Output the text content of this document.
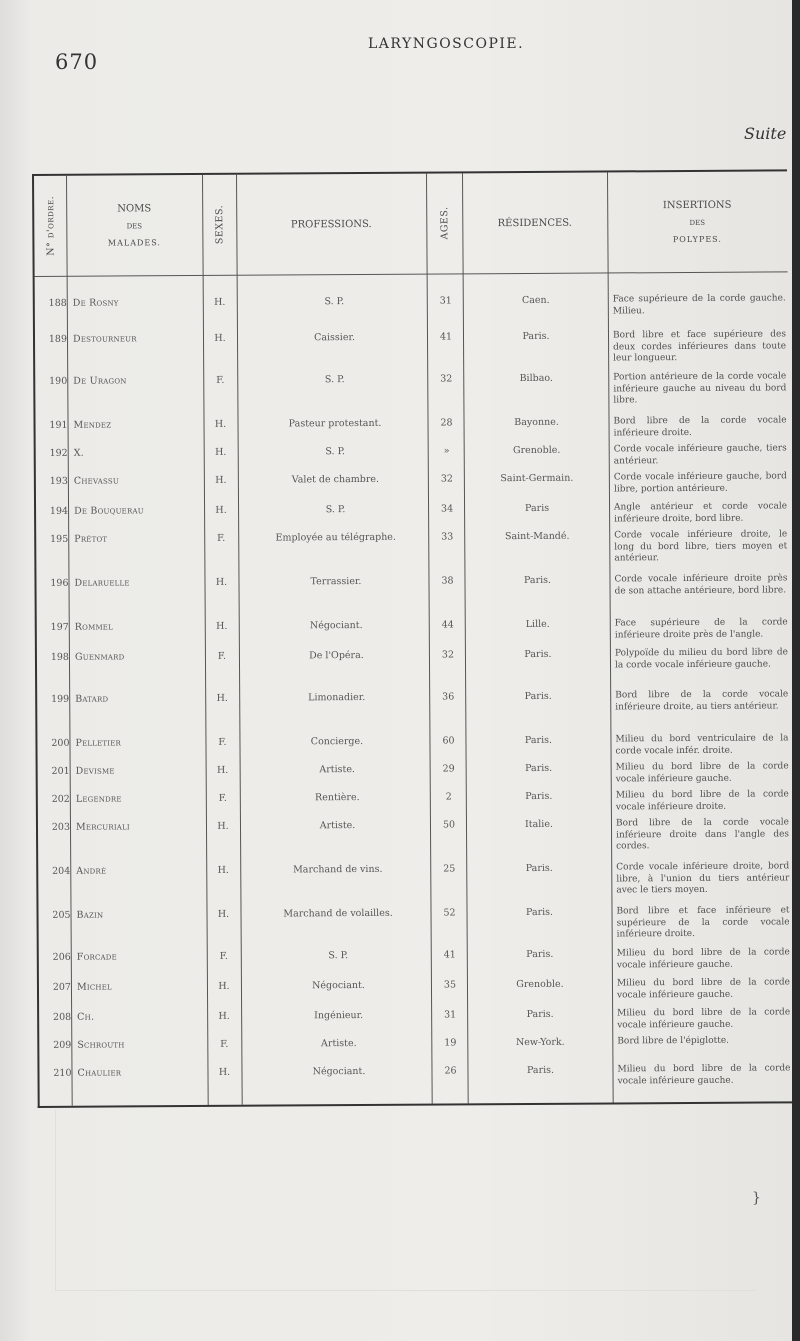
670
LARYNGOSCOPIE.
Suite
N° d'ordre.	NOMS
des
MALADES.	SEXES.	PROFESSIONS.	AGES.	RÉSIDENCES.
INSERTIONS
des
POLYPES.
188 De Rosny	H.	S. P.	31	Caen.	Face supérieure de la corde gauche. Milieu.
189 Destourneur	H.	Caissier.	41	Paris.	Bord libre et face supérieure des deux cordes inférieures dans toute leur longueur.
190 De Uragon	F.	S. P.	32	Bilbao.	Portion antérieure de la corde vocale inférieure gauche au niveau du bord libre.
191 Mendez	H.	Pasteur protestant.	28	Bayonne.	Bord libre de la corde vocale inférieure droite.
192 X.	H.	S. P.	»	Grenoble.	Corde vocale inférieure gauche, tiers antérieur.
193 Chevassu	H.	Valet de chambre.	32	Saint-Germain.	Corde vocale inférieure gauche, bord libre, portion antérieure.
194 De Bouquerau	H.	S. P.	34	Paris	Angle antérieur et corde vocale inférieure droite, bord libre.
195 Prétot	F.	Employée au télégraphe.	33	Saint-Mandé.	Corde vocale inférieure droite, le long du bord libre, tiers moyen et antérieur.
196 Delaruelle	H.	Terrassier.	38	Paris.	Corde vocale inférieure droite près de son attache antérieure, bord libre.
197 Rommel	H.	Négociant.	44	Lille.	Face supérieure de la corde inférieure droite près de l'angle.
198 Guenmard	F.	De l'Opéra.	32	Paris.	Polypoïde du milieu du bord libre de la corde vocale inférieure gauche.
199 Batard	H.	Limonadier.	36	Paris.	Bord libre de la corde vocale inférieure droite, au tiers antérieur.
200 Pelletier	F.	Concierge.	60	Paris.	Milieu du bord ventriculaire de la corde vocale infér. droite.
201 Devisme	H.	Artiste.	29	Paris.	Milieu du bord libre de la corde vocale inférieure gauche.
202 Legendre	F.	Rentière.	2	Paris.	Milieu du bord libre de la corde vocale inférieure droite.
203 Mercuriali	H.	Artiste.	50	Italie.	Bord libre de la corde vocale inférieure droite dans l'angle des cordes.
204 André	H.	Marchand de vins.	25	Paris.	Corde vocale inférieure droite, bord libre, à l'union du tiers antérieur avec le tiers moyen.
205 Bazin	H.	Marchand de volailles.	52	Paris.	Bord libre et face inférieure et supérieure de la corde vocale inférieure droite.
206 Forcade	F.	S. P.	41	Paris.	Milieu du bord libre de la corde vocale inférieure gauche.
207 Michel	H.	Négociant.	35	Grenoble.	Milieu du bord libre de la corde vocale inférieure gauche.
208 Ch.	H.	Ingénieur.	31	Paris.	Milieu du bord libre de la corde vocale inférieure gauche.
209 Schrouth	F.	Artiste.	19	New-York.	Bord libre de l'épiglotte.
210 Chaulier	H.	Négociant.	26	Paris.	Milieu du bord libre de la corde vocale inférieure gauche.
}
